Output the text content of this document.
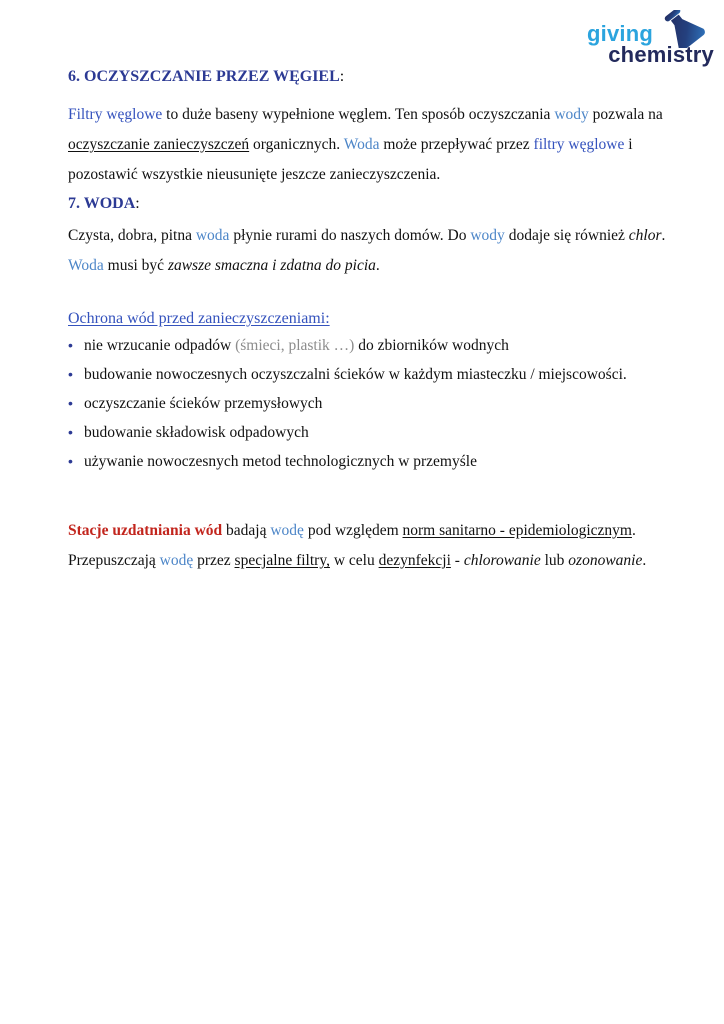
giving
chemistry
6. OCZYSZCZANIE PRZEZ WĘGIEL:
Filtry węglowe to duże baseny wypełnione węglem. Ten sposób oczyszczania wody pozwala na
oczyszczanie zanieczyszczeń organicznych. Woda może przepływać przez filtry węglowe i
pozostawić wszystkie nieusunięte jeszcze zanieczyszczenia.
7. WODA:
Czysta, dobra, pitna woda płynie rurami do naszych domów. Do wody dodaje się również chlor.
Woda musi być zawsze smaczna i zdatna do picia.
Ochrona wód przed zanieczyszczeniami:
• nie wrzucanie odpadów (śmieci, plastik …) do zbiorników wodnych
• budowanie nowoczesnych oczyszczalni ścieków w każdym miasteczku / miejscowości.
• oczyszczanie ścieków przemysłowych
• budowanie składowisk odpadowych
• używanie nowoczesnych metod technologicznych w przemyśle
Stacje uzdatniania wód badają wodę pod względem norm sanitarno - epidemiologicznym.
Przepuszczają wodę przez specjalne filtry, w celu dezynfekcji - chlorowanie lub ozonowanie.
